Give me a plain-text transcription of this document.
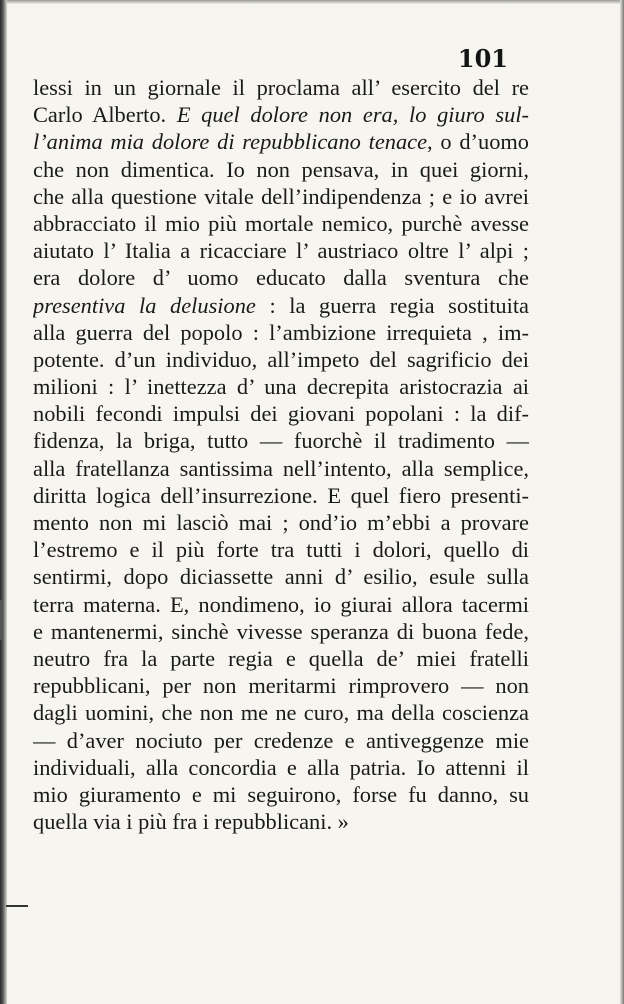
101

lessi in un giornale il proclama all’ esercito del re
Carlo Alberto. E quel dolore non era, lo giuro sul-
l’anima mia dolore di repubblicano tenace, o d’uomo
che non dimentica. Io non pensava, in quei giorni,
che alla questione vitale dell’indipendenza ; e io avrei
abbracciato il mio più mortale nemico, purchè avesse
aiutato l’ Italia a ricacciare l’ austriaco oltre l’ alpi ;
era dolore d’ uomo educato dalla sventura che
presentiva la delusione : la guerra regia sostituita
alla guerra del popolo : l’ambizione irrequieta , im-
potente. d’un individuo, all’impeto del sagrificio dei
milioni : l’ inettezza d’ una decrepita aristocrazia ai
nobili fecondi impulsi dei giovani popolani : la dif-
fidenza, la briga, tutto — fuorchè il tradimento —
alla fratellanza santissima nell’intento, alla semplice,
diritta logica dell’insurrezione. E quel fiero presenti-
mento non mi lasciò mai ; ond’io m’ebbi a provare
l’estremo e il più forte tra tutti i dolori, quello di
sentirmi, dopo diciassette anni d’ esilio, esule sulla
terra materna. E, nondimeno, io giurai allora tacermi
e mantenermi, sinchè vivesse speranza di buona fede,
neutro fra la parte regia e quella de’ miei fratelli
repubblicani, per non meritarmi rimprovero — non
dagli uomini, che non me ne curo, ma della coscienza
— d’aver nociuto per credenze e antiveggenze mie
individuali, alla concordia e alla patria. Io attenni il
mio giuramento e mi seguirono, forse fu danno, su
quella via i più fra i repubblicani. »
